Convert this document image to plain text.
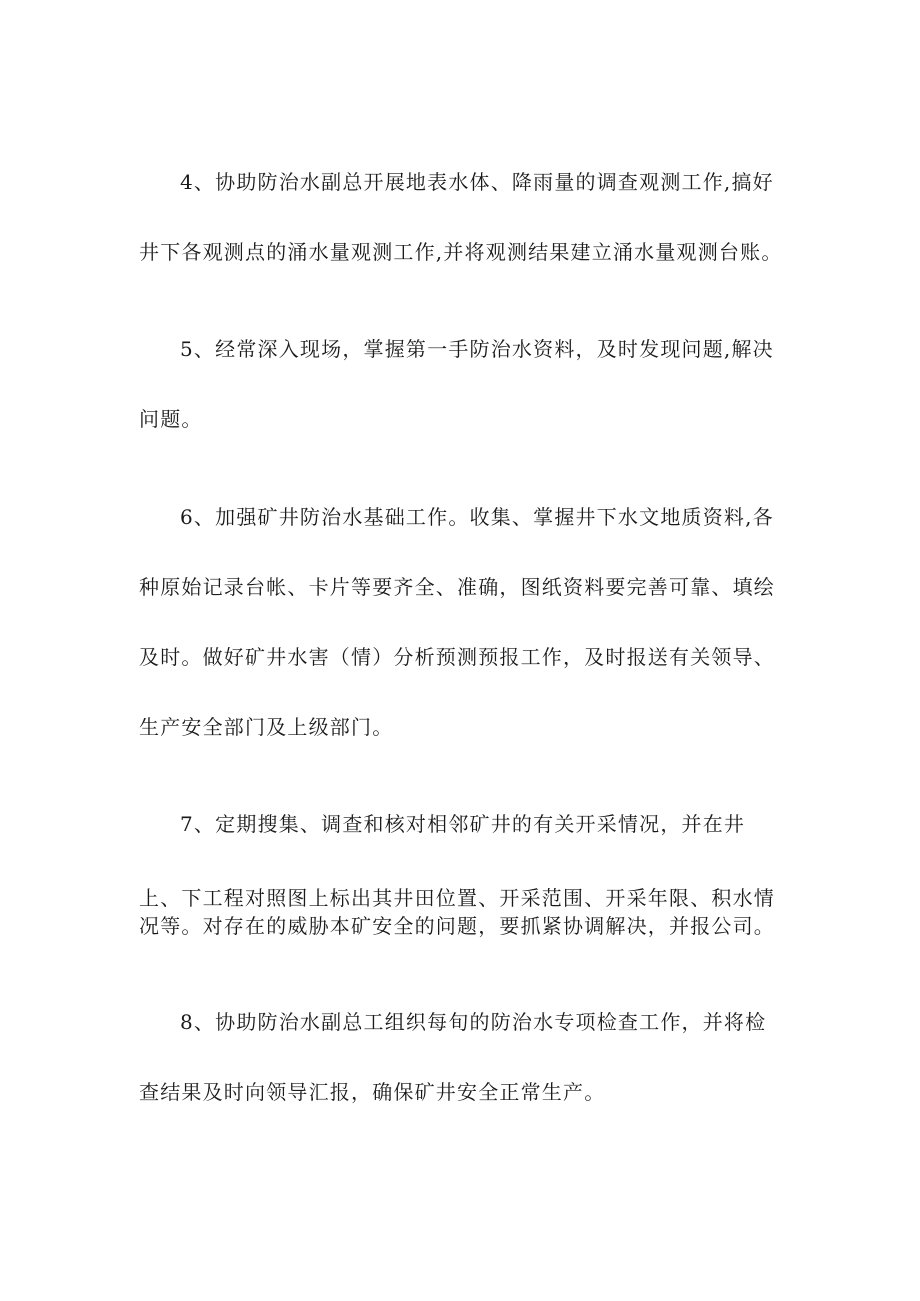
4、协助防治水副总开展地表水体、降雨量的调查观测工作,搞好
井下各观测点的涌水量观测工作,并将观测结果建立涌水量观测台账。
5、经常深入现场，掌握第一手防治水资料，及时发现问题,解决
问题。
6、加强矿井防治水基础工作。收集、掌握井下水文地质资料,各
种原始记录台帐、卡片等要齐全、准确，图纸资料要完善可靠、填绘
及时。做好矿井水害（情）分析预测预报工作，及时报送有关领导、
生产安全部门及上级部门。
7、定期搜集、调查和核对相邻矿井的有关开采情况，并在井
上、下工程对照图上标出其井田位置、开采范围、开采年限、积水情
况等。对存在的威胁本矿安全的问题，要抓紧协调解决，并报公司。
8、协助防治水副总工组织每旬的防治水专项检查工作，并将检
查结果及时向领导汇报，确保矿井安全正常生产。
